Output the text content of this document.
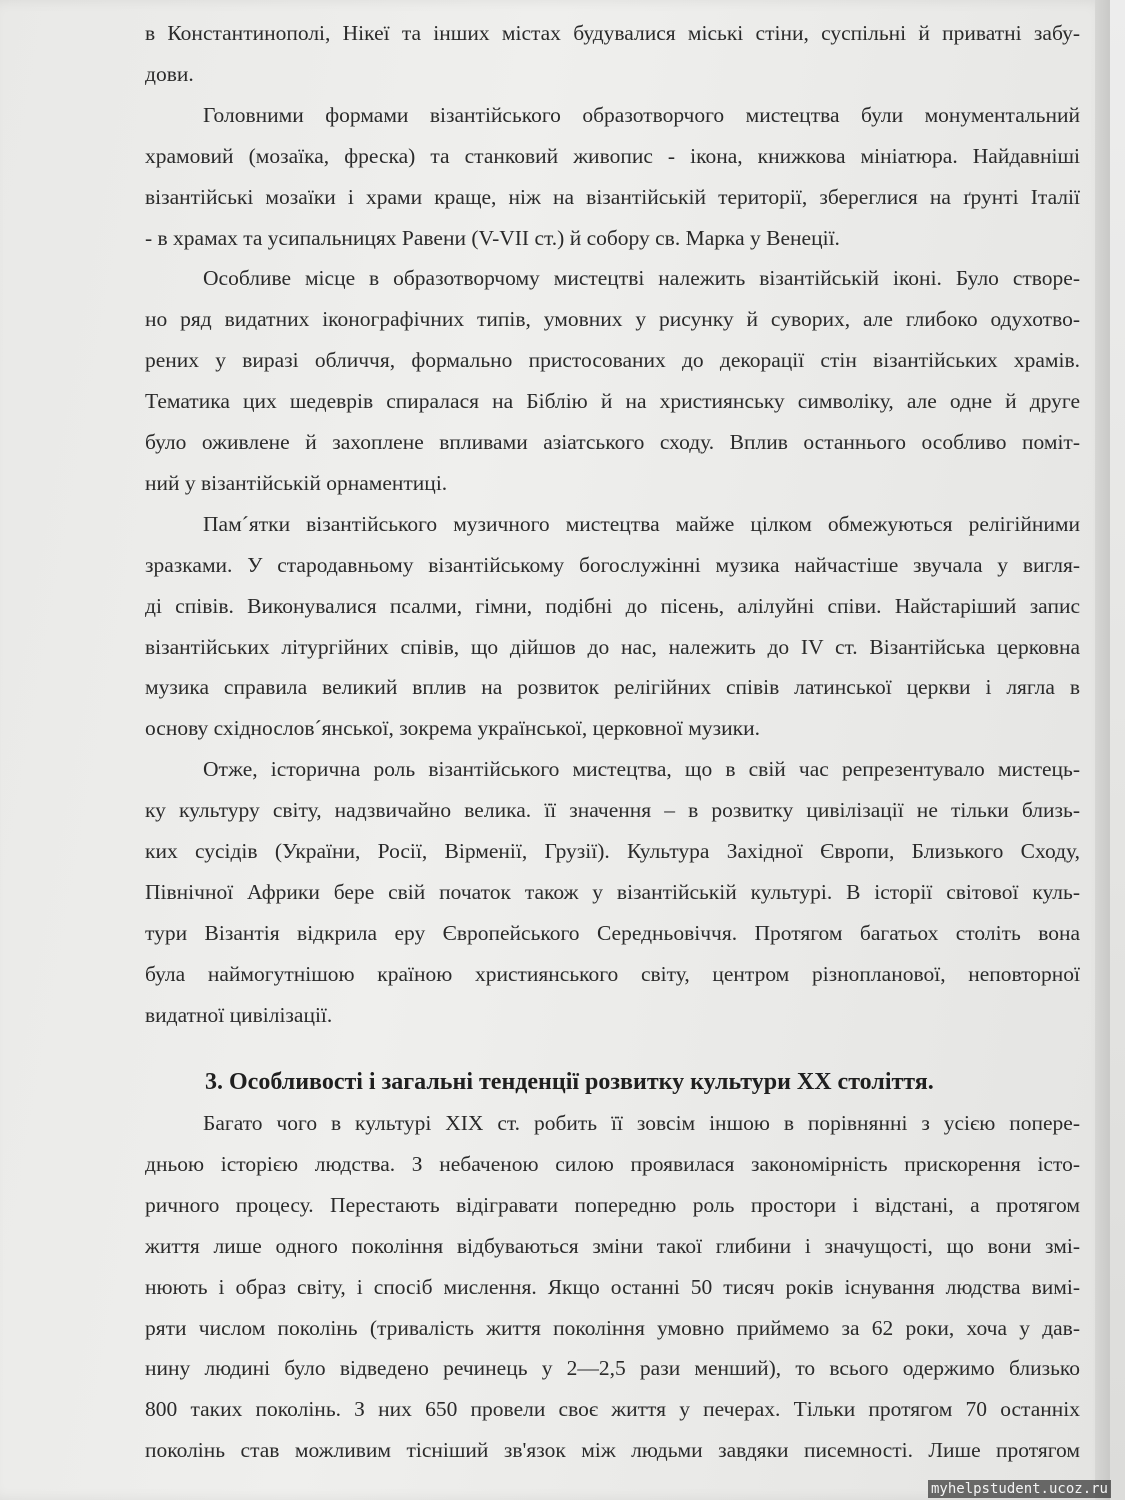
в Константинополі, Нікеї та інших містах будувалися міські стіни, суспільні й приватні забу-
дови.
Головними формами візантійського образотворчого мистецтва були монументальний
храмовий (мозаїка, фреска) та станковий живопис - ікона, книжкова мініатюра. Найдавніші
візантійські мозаїки і храми краще, ніж на візантійській території, збереглися на ґрунті Італії
- в храмах та усипальницях Равени (V-VII ст.) й собору св. Марка у Венеції.
Особливе місце в образотворчому мистецтві належить візантійській іконі. Було створе-
но ряд видатних іконографічних типів, умовних у рисунку й суворих, але глибоко одухотво-
рених у виразі обличчя, формально пристосованих до декорації стін візантійських храмів.
Тематика цих шедеврів спиралася на Біблію й на християнську символіку, але одне й друге
було оживлене й захоплене впливами азіатського сходу. Вплив останнього особливо поміт-
ний у візантійській орнаментиці.
Пам´ятки візантійського музичного мистецтва майже цілком обмежуються релігійними
зразками. У стародавньому візантійському богослужінні музика найчастіше звучала у вигля-
ді співів. Виконувалися псалми, гімни, подібні до пісень, алілуйні співи. Найстаріший запис
візантійських літургійних співів, що дійшов до нас, належить до IV ст. Візантійська церковна
музика справила великий вплив на розвиток релігійних співів латинської церкви і лягла в
основу східнослов´янської, зокрема української, церковної музики.
Отже, історична роль візантійського мистецтва, що в свій час репрезентувало мистець-
ку культуру світу, надзвичайно велика. її значення – в розвитку цивілізації не тільки близь-
ких сусідів (України, Росії, Вірменії, Грузії). Культура Західної Європи, Близького Сходу,
Північної Африки бере свій початок також у візантійській культурі. В історії світової куль-
тури Візантія відкрила еру Європейського Середньовіччя. Протягом багатьох століть вона
була наймогутнішою країною християнського світу, центром різнопланової, неповторної
видатної цивілізації.
Багато чого в культурі XIX ст. робить її зовсім іншою в порівнянні з усією попере-
дньою історією людства. З небаченою силою проявилася закономірність прискорення істо-
ричного процесу. Перестають відігравати попередню роль простори і відстані, а протягом
життя лише одного покоління відбуваються зміни такої глибини і значущості, що вони змі-
нюють і образ світу, і спосіб мислення. Якщо останні 50 тисяч років існування людства вимі-
ряти числом поколінь (тривалість життя покоління умовно приймемо за 62 роки, хоча у дав-
нину людині було відведено речинець у 2—2,5 рази менший), то всього одержимо близько
800 таких поколінь. З них 650 провели своє життя у печерах. Тільки протягом 70 останніх
поколінь став можливим тісніший зв'язок між людьми завдяки писемності. Лише протягом
3. Особливості і загальні тенденції розвитку культури XX століття.
myhelpstudent.ucoz.ru
